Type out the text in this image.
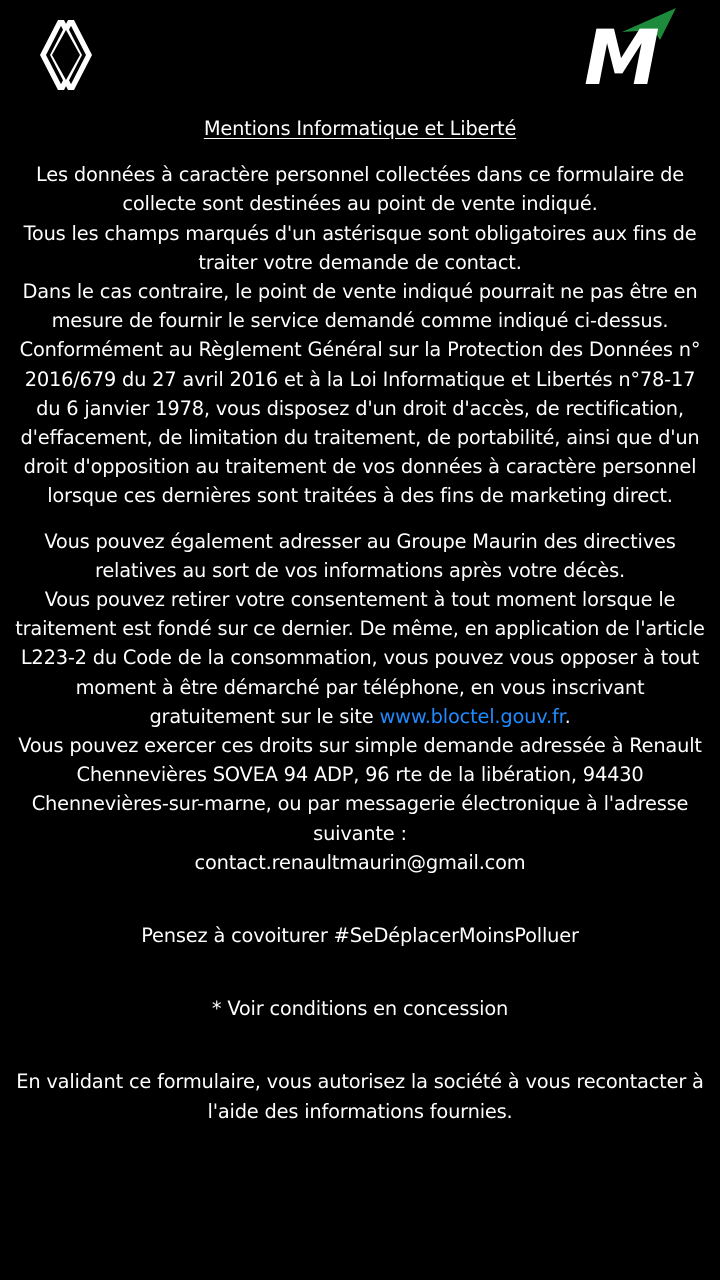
M
Mentions Informatique et Liberté

Les données à caractère personnel collectées dans ce formulaire de collecte sont destinées au point de vente indiqué.

Tous les champs marqués d'un astérisque sont obligatoires aux fins de traiter votre demande de contact.

Dans le cas contraire, le point de vente indiqué pourrait ne pas être en mesure de fournir le service demandé comme indiqué ci-dessus.

Conformément au Règlement Général sur la Protection des Données n° 2016/679 du 27 avril 2016 et à la Loi Informatique et Libertés n°78-17 du 6 janvier 1978, vous disposez d'un droit d'accès, de rectification, d'effacement, de limitation du traitement, de portabilité, ainsi que d'un droit d'opposition au traitement de vos données à caractère personnel lorsque ces dernières sont traitées à des fins de marketing direct.

Vous pouvez également adresser au Groupe Maurin des directives relatives au sort de vos informations après votre décès.

Vous pouvez retirer votre consentement à tout moment lorsque le traitement est fondé sur ce dernier. De même, en application de l'article L223-2 du Code de la consommation, vous pouvez vous opposer à tout moment à être démarché par téléphone, en vous inscrivant gratuitement sur le site www.bloctel.gouv.fr.

Vous pouvez exercer ces droits sur simple demande adressée à Renault Chennevières SOVEA 94 ADP, 96 rte de la libération, 94430 Chennevières-sur-marne, ou par messagerie électronique à l'adresse suivante :

contact.renaultmaurin@gmail.com

Pensez à covoiturer #SeDéplacerMoinsPolluer

* Voir conditions en concession

En validant ce formulaire, vous autorisez la société à vous recontacter à l'aide des informations fournies.
